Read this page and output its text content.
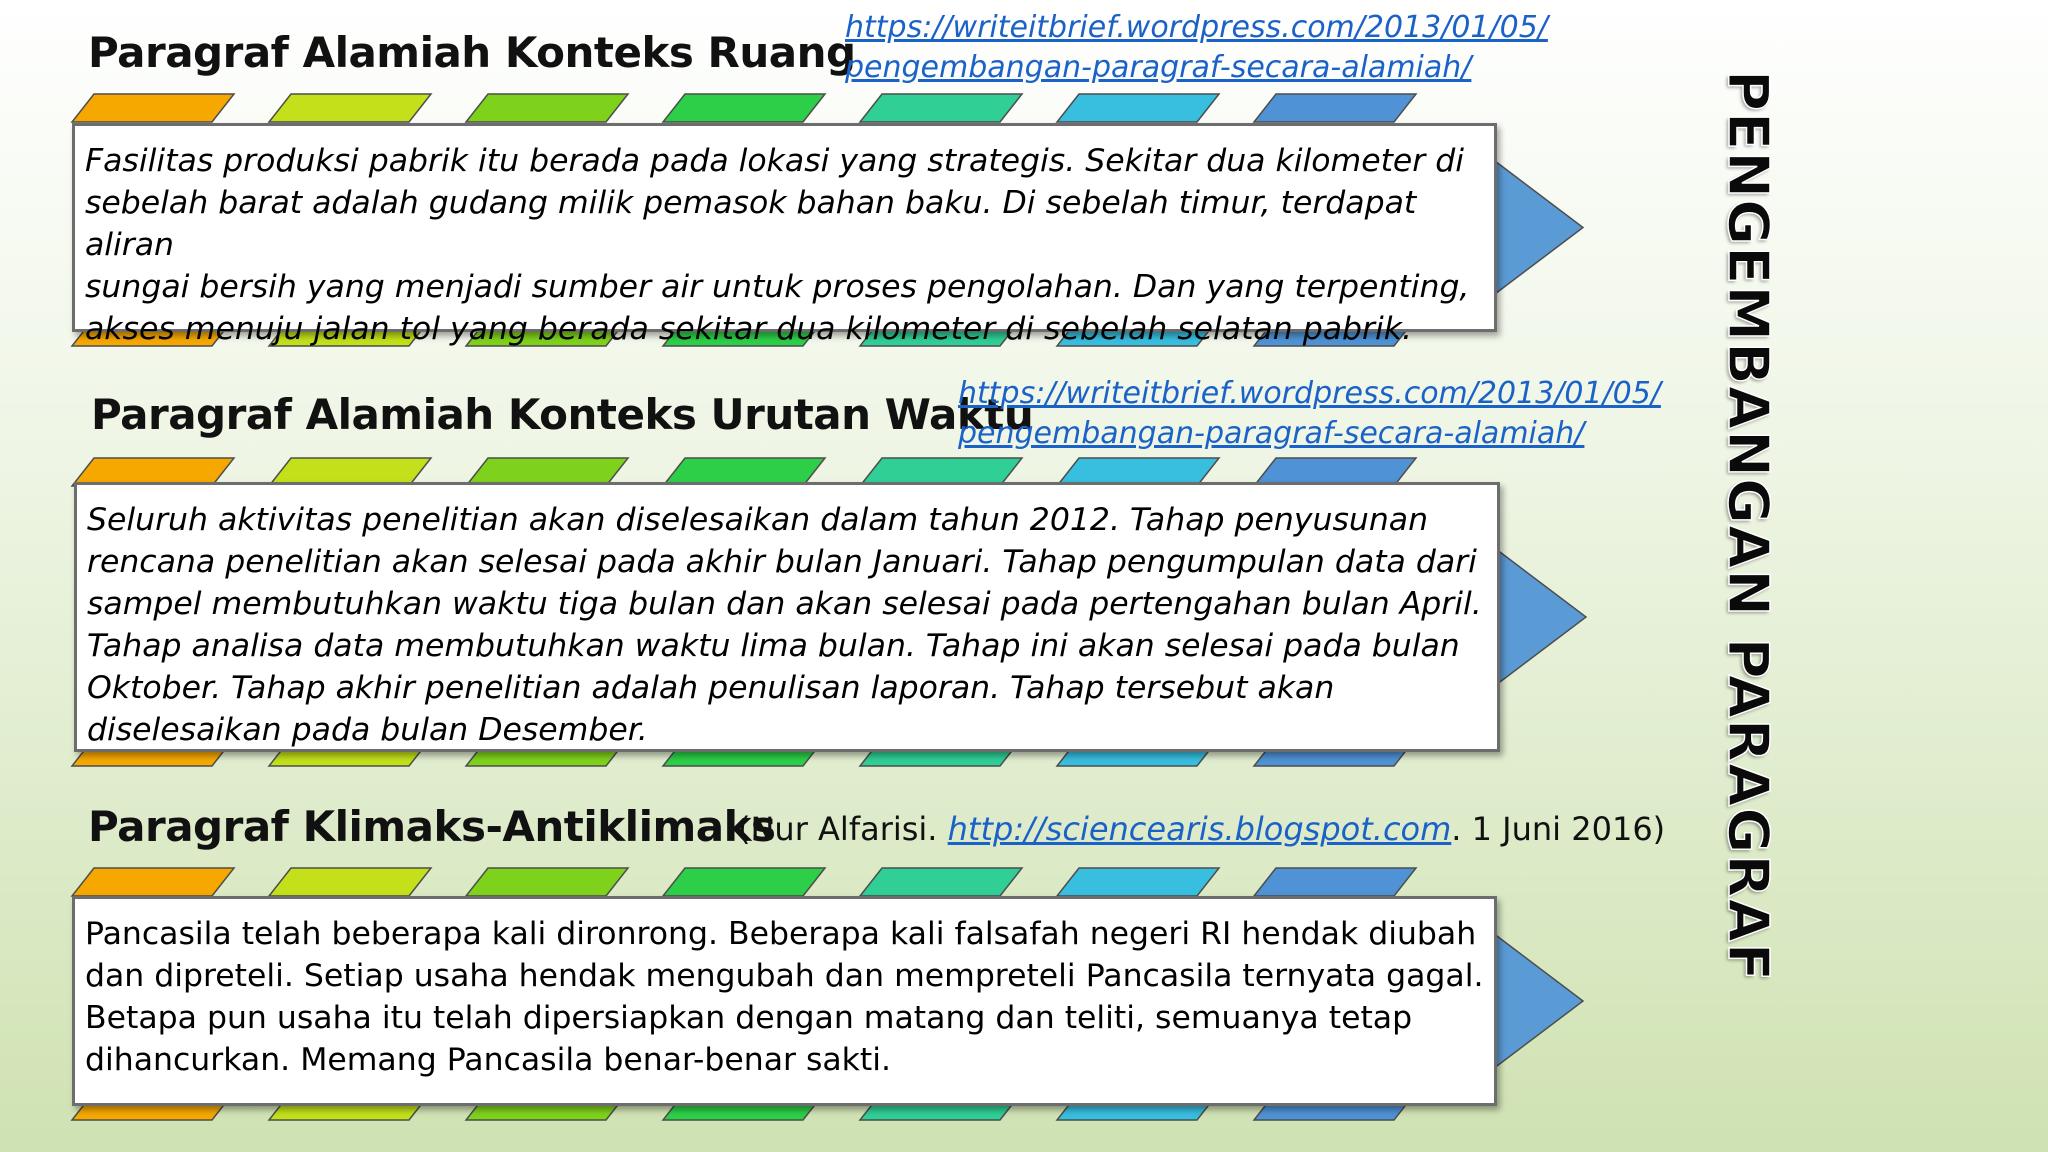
Paragraf Alamiah Konteks Ruang
https://writeitbrief.wordpress.com/2013/01/05/
pengembangan-paragraf-secara-alamiah/

Fasilitas produksi pabrik itu berada pada lokasi yang strategis. Sekitar dua kilometer di

sebelah barat adalah gudang milik pemasok bahan baku. Di sebelah timur, terdapat aliran

sungai bersih yang menjadi sumber air untuk proses pengolahan. Dan yang terpenting,

akses menuju jalan tol yang berada sekitar dua kilometer di sebelah selatan pabrik.

Paragraf Alamiah Konteks Urutan Waktu
https://writeitbrief.wordpress.com/2013/01/05/
pengembangan-paragraf-secara-alamiah/

Seluruh aktivitas penelitian akan diselesaikan dalam tahun 2012. Tahap penyusunan

rencana penelitian akan selesai pada akhir bulan Januari. Tahap pengumpulan data dari

sampel membutuhkan waktu tiga bulan dan akan selesai pada pertengahan bulan April.

Tahap analisa data membutuhkan waktu lima bulan. Tahap ini akan selesai pada bulan

Oktober. Tahap akhir penelitian adalah penulisan laporan. Tahap tersebut akan

diselesaikan pada bulan Desember.

Paragraf Klimaks-Antiklimaks
(Nur Alfarisi. http://sciencearis.blogspot.com. 1 Juni 2016)

Pancasila telah beberapa kali dironrong. Beberapa kali falsafah negeri RI hendak diubah

dan dipreteli. Setiap usaha hendak mengubah dan mempreteli Pancasila ternyata gagal.

Betapa pun usaha itu telah dipersiapkan dengan matang dan teliti, semuanya tetap

dihancurkan. Memang Pancasila benar-benar sakti.

PENGEMBANGAN PARAGRAF
